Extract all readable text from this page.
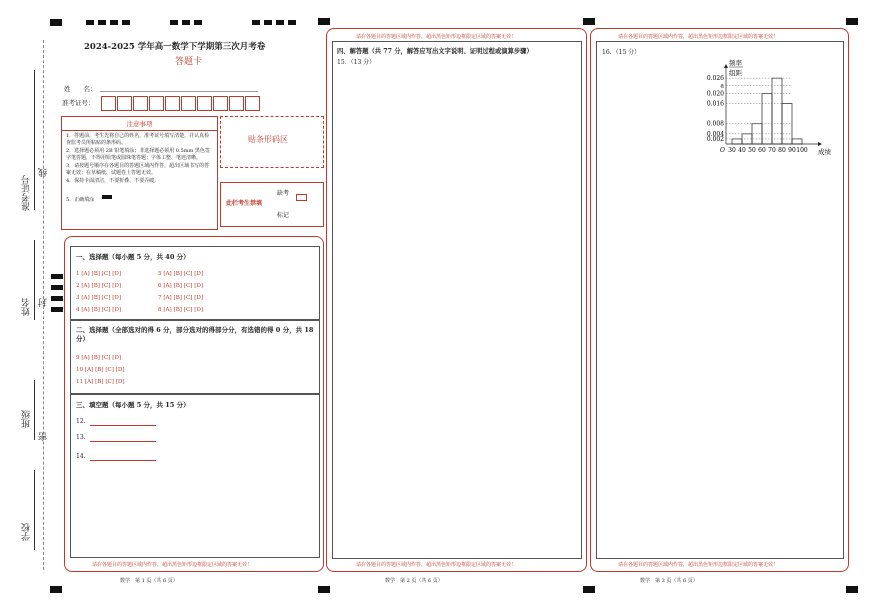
准考证号
线
姓名 封
班级
密
学校
2024-2025 学年高一数学下学期第三次月考卷
答题卡
姓　　名：
准考证号：
注意事项
1．答题前，考生先将自己的姓名，准考证号填写清楚，并认真检查监考员所粘贴的条形码。
2．选择题必须用 2B 铅笔填涂；非选择题必须用 0.5mm 黑色签字笔答题，不得用铅笔或圆珠笔答题；字体工整、笔迹清晰。
3．请按题号顺序在各题目的答题区域内作答，超出区域书写的答案无效；在草稿纸、试题卷上答题无效。
4．保持卡面清洁，不要折叠、不要弄破。
5．正确填涂
贴条形码区
此栏考生禁填
缺考
标记
一、选择题（每小题 5 分，共 40 分）
1 [A] [B] [C] [D]
2 [A] [B] [C] [D]
3 [A] [B] [C] [D]
4 [A] [B] [C] [D]
5 [A] [B] [C] [D]
6 [A] [B] [C] [D]
7 [A] [B] [C] [D]
8 [A] [B] [C] [D]
二、选择题（全部选对的得 6 分，部分选对的得部分分，有选错的得 0 分，共 18 分）
9 [A] [B] [C] [D]
10 [A] [B] [C] [D]
11 [A] [B] [C] [D]
三、填空题（每小题 5 分，共 15 分）
12.
13.
14.
请在各题目的答题区域内作答，超出黑色矩形边框限定区域的答案无效！
数学　第 1 页（共 6 页）
请在各题目的答题区域内作答，超出黑色矩形边框限定区域的答案无效！
四、解答题（共 77 分，解答应写出文字说明、证明过程或演算步骤）
15．（13 分）
请在各题目的答题区域内作答，超出黑色矩形边框限定区域的答案无效！
数学　第 2 页（共 6 页）
请在各题目的答题区域内作答，超出黑色矩形边框限定区域的答案无效！
16．（15 分）
频率
组距
成绩
O
0.002
0.004
0.008
0.016
0.020
a
0.026
30 40 50 60 70 80 90 100
请在各题目的答题区域内作答，超出黑色矩形边框限定区域的答案无效！
数学　第 3 页（共 6 页）
